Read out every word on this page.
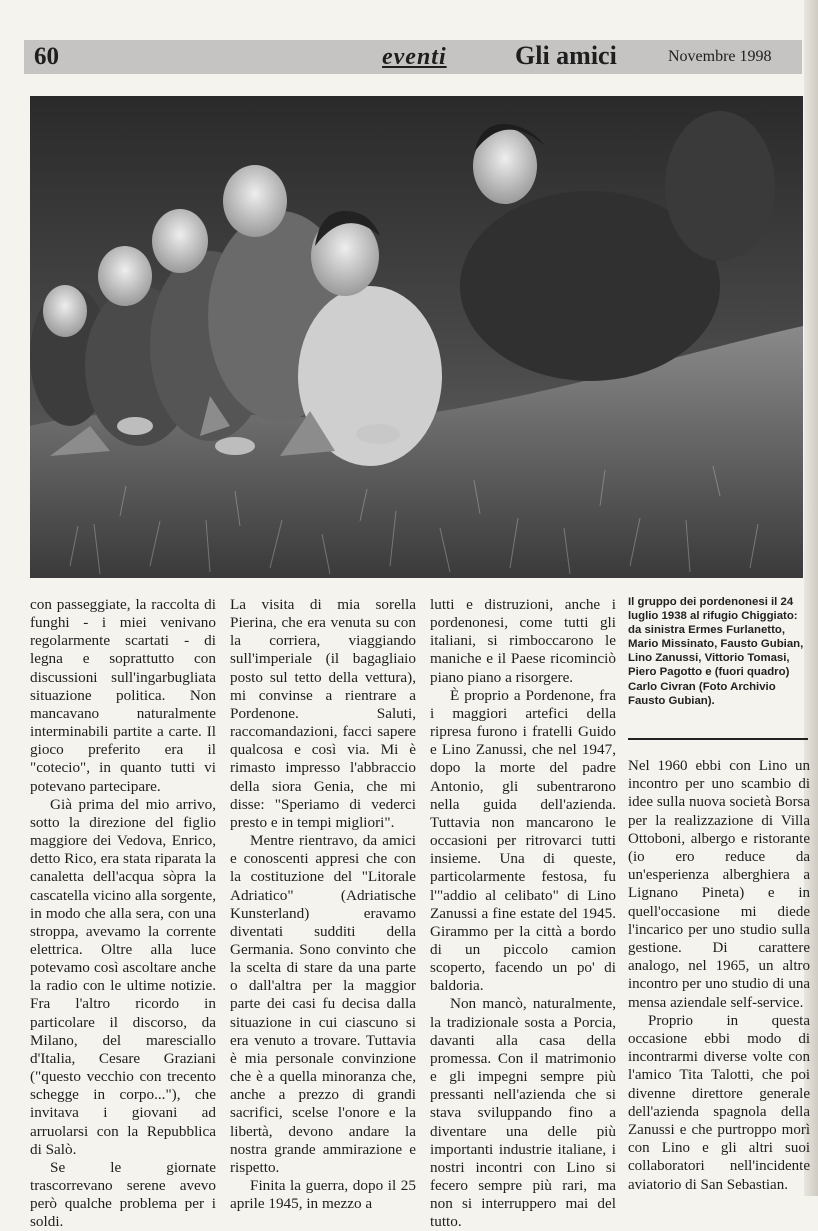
60	eventi	Gli amici	Novembre 1998

con passeggiate, la raccolta di funghi - i miei venivano regolarmente scartati - di legna e soprattutto con discussioni sull'ingarbugliata situazione politica. Non mancavano naturalmente interminabili partite a carte. Il gioco preferito era il "cotecio", in quanto tutti vi potevano partecipare.

Già prima del mio arrivo, sotto la direzione del figlio maggiore dei Vedova, Enrico, detto Rico, era stata riparata la canaletta dell'acqua sòpra la cascatella vicino alla sorgente, in modo che alla sera, con una stroppa, avevamo la corrente elettrica. Oltre alla luce potevamo così ascoltare anche la radio con le ultime notizie. Fra l'altro ricordo in particolare il discorso, da Milano, del maresciallo d'Italia, Cesare Graziani ("questo vecchio con trecento schegge in corpo..."), che invitava i giovani ad arruolarsi con la Repubblica di Salò.

Se le giornate trascorrevano serene avevo però qualche problema per i soldi.

La visita di mia sorella Pierina, che era venuta su con la corriera, viaggiando sull'imperiale (il bagagliaio posto sul tetto della vettura), mi convinse a rientrare a Pordenone. Saluti, raccomandazioni, facci sapere qualcosa e così via. Mi è rimasto impresso l'abbraccio della siora Genia, che mi disse: "Speriamo di vederci presto e in tempi migliori".

Mentre rientravo, da amici e conoscenti appresi che con la costituzione del "Litorale Adriatico" (Adriatische Kunsterland) eravamo diventati sudditi della Germania. Sono convinto che la scelta di stare da una parte o dall'altra per la maggior parte dei casi fu decisa dalla situazione in cui ciascuno si era venuto a trovare. Tuttavia è mia personale convinzione che è a quella minoranza che, anche a prezzo di grandi sacrifici, scelse l'onore e la libertà, devono andare la nostra grande ammirazione e rispetto.

Finita la guerra, dopo il 25 aprile 1945, in mezzo a

lutti e distruzioni, anche i pordenonesi, come tutti gli italiani, si rimboccarono le maniche e il Paese ricominciò piano piano a risorgere.

È proprio a Pordenone, fra i maggiori artefici della ripresa furono i fratelli Guido e Lino Zanussi, che nel 1947, dopo la morte del padre Antonio, gli subentrarono nella guida dell'azienda. Tuttavia non mancarono le occasioni per ritrovarci tutti insieme. Una di queste, particolarmente festosa, fu l'"addio al celibato" di Lino Zanussi a fine estate del 1945. Girammo per la città a bordo di un piccolo camion scoperto, facendo un po' di baldoria.

Non mancò, naturalmente, la tradizionale sosta a Porcia, davanti alla casa della promessa. Con il matrimonio e gli impegni sempre più pressanti nell'azienda che si stava sviluppando fino a diventare una delle più importanti industrie italiane, i nostri incontri con Lino si fecero sempre più rari, ma non si interruppero mai del tutto.

Il gruppo dei pordenonesi il 24 luglio 1938 al rifugio Chiggiato: da sinistra Ermes Furlanetto, Mario Missinato, Fausto Gubian, Lino Zanussi, Vittorio Tomasi, Piero Pagotto e (fuori quadro) Carlo Civran (Foto Archivio Fausto Gubian).

Nel 1960 ebbi con Lino un incontro per uno scambio di idee sulla nuova società Borsa per la realizzazione di Villa Ottoboni, albergo e ristorante (io ero reduce da un'esperienza alberghiera a Lignano Pineta) e in quell'occasione mi diede l'incarico per uno studio sulla gestione. Di carattere analogo, nel 1965, un altro incontro per uno studio di una mensa aziendale self-service.

Proprio in questa occasione ebbi modo di incontrarmi diverse volte con l'amico Tita Talotti, che poi divenne direttore generale dell'azienda spagnola della Zanussi e che purtroppo morì con Lino e gli altri suoi collaboratori nell'incidente aviatorio di San Sebastian.
